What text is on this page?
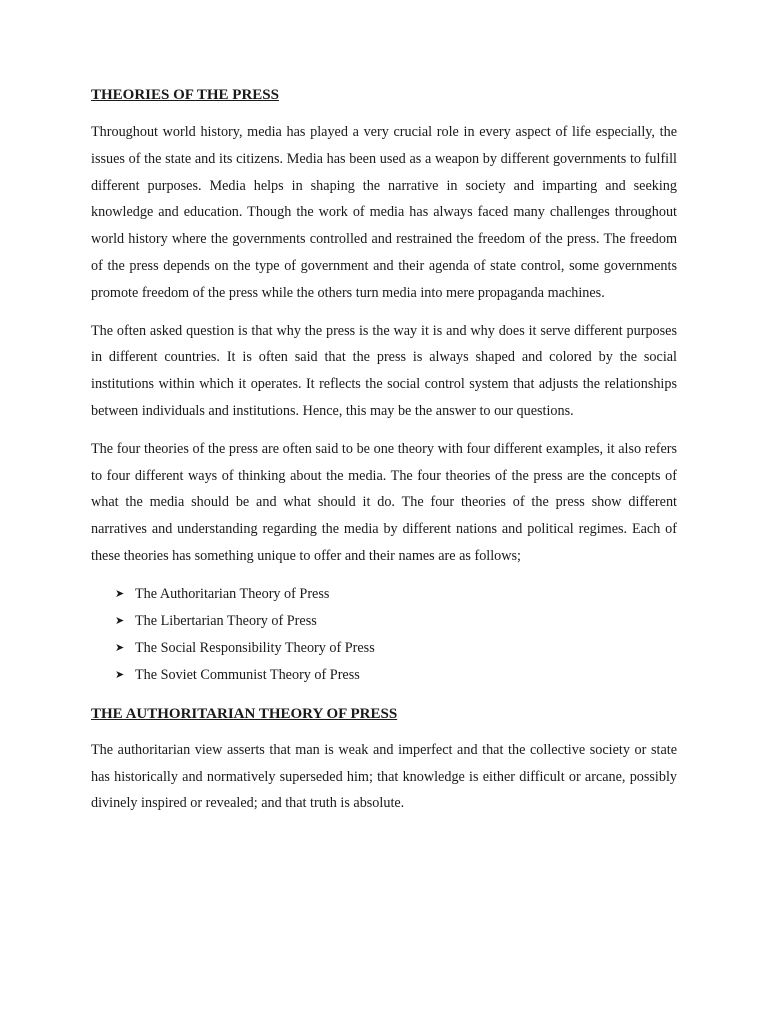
THEORIES OF THE PRESS

Throughout world history, media has played a very crucial role in every aspect of life especially, the issues of the state and its citizens. Media has been used as a weapon by different governments to fulfill different purposes. Media helps in shaping the narrative in society and imparting and seeking knowledge and education. Though the work of media has always faced many challenges throughout world history where the governments controlled and restrained the freedom of the press. The freedom of the press depends on the type of government and their agenda of state control, some governments promote freedom of the press while the others turn media into mere propaganda machines.

The often asked question is that why the press is the way it is and why does it serve different purposes in different countries. It is often said that the press is always shaped and colored by the social institutions within which it operates. It reflects the social control system that adjusts the relationships between individuals and institutions. Hence, this may be the answer to our questions.

The four theories of the press are often said to be one theory with four different examples, it also refers to four different ways of thinking about the media. The four theories of the press are the concepts of what the media should be and what should it do. The four theories of the press show different narratives and understanding regarding the media by different nations and political regimes. Each of these theories has something unique to offer and their names are as follows;

➤ The Authoritarian Theory of Press
➤ The Libertarian Theory of Press
➤ The Social Responsibility Theory of Press
➤ The Soviet Communist Theory of Press
THE AUTHORITARIAN THEORY OF PRESS

The authoritarian view asserts that man is weak and imperfect and that the collective society or state has historically and normatively superseded him; that knowledge is either difficult or arcane, possibly divinely inspired or revealed; and that truth is absolute.
